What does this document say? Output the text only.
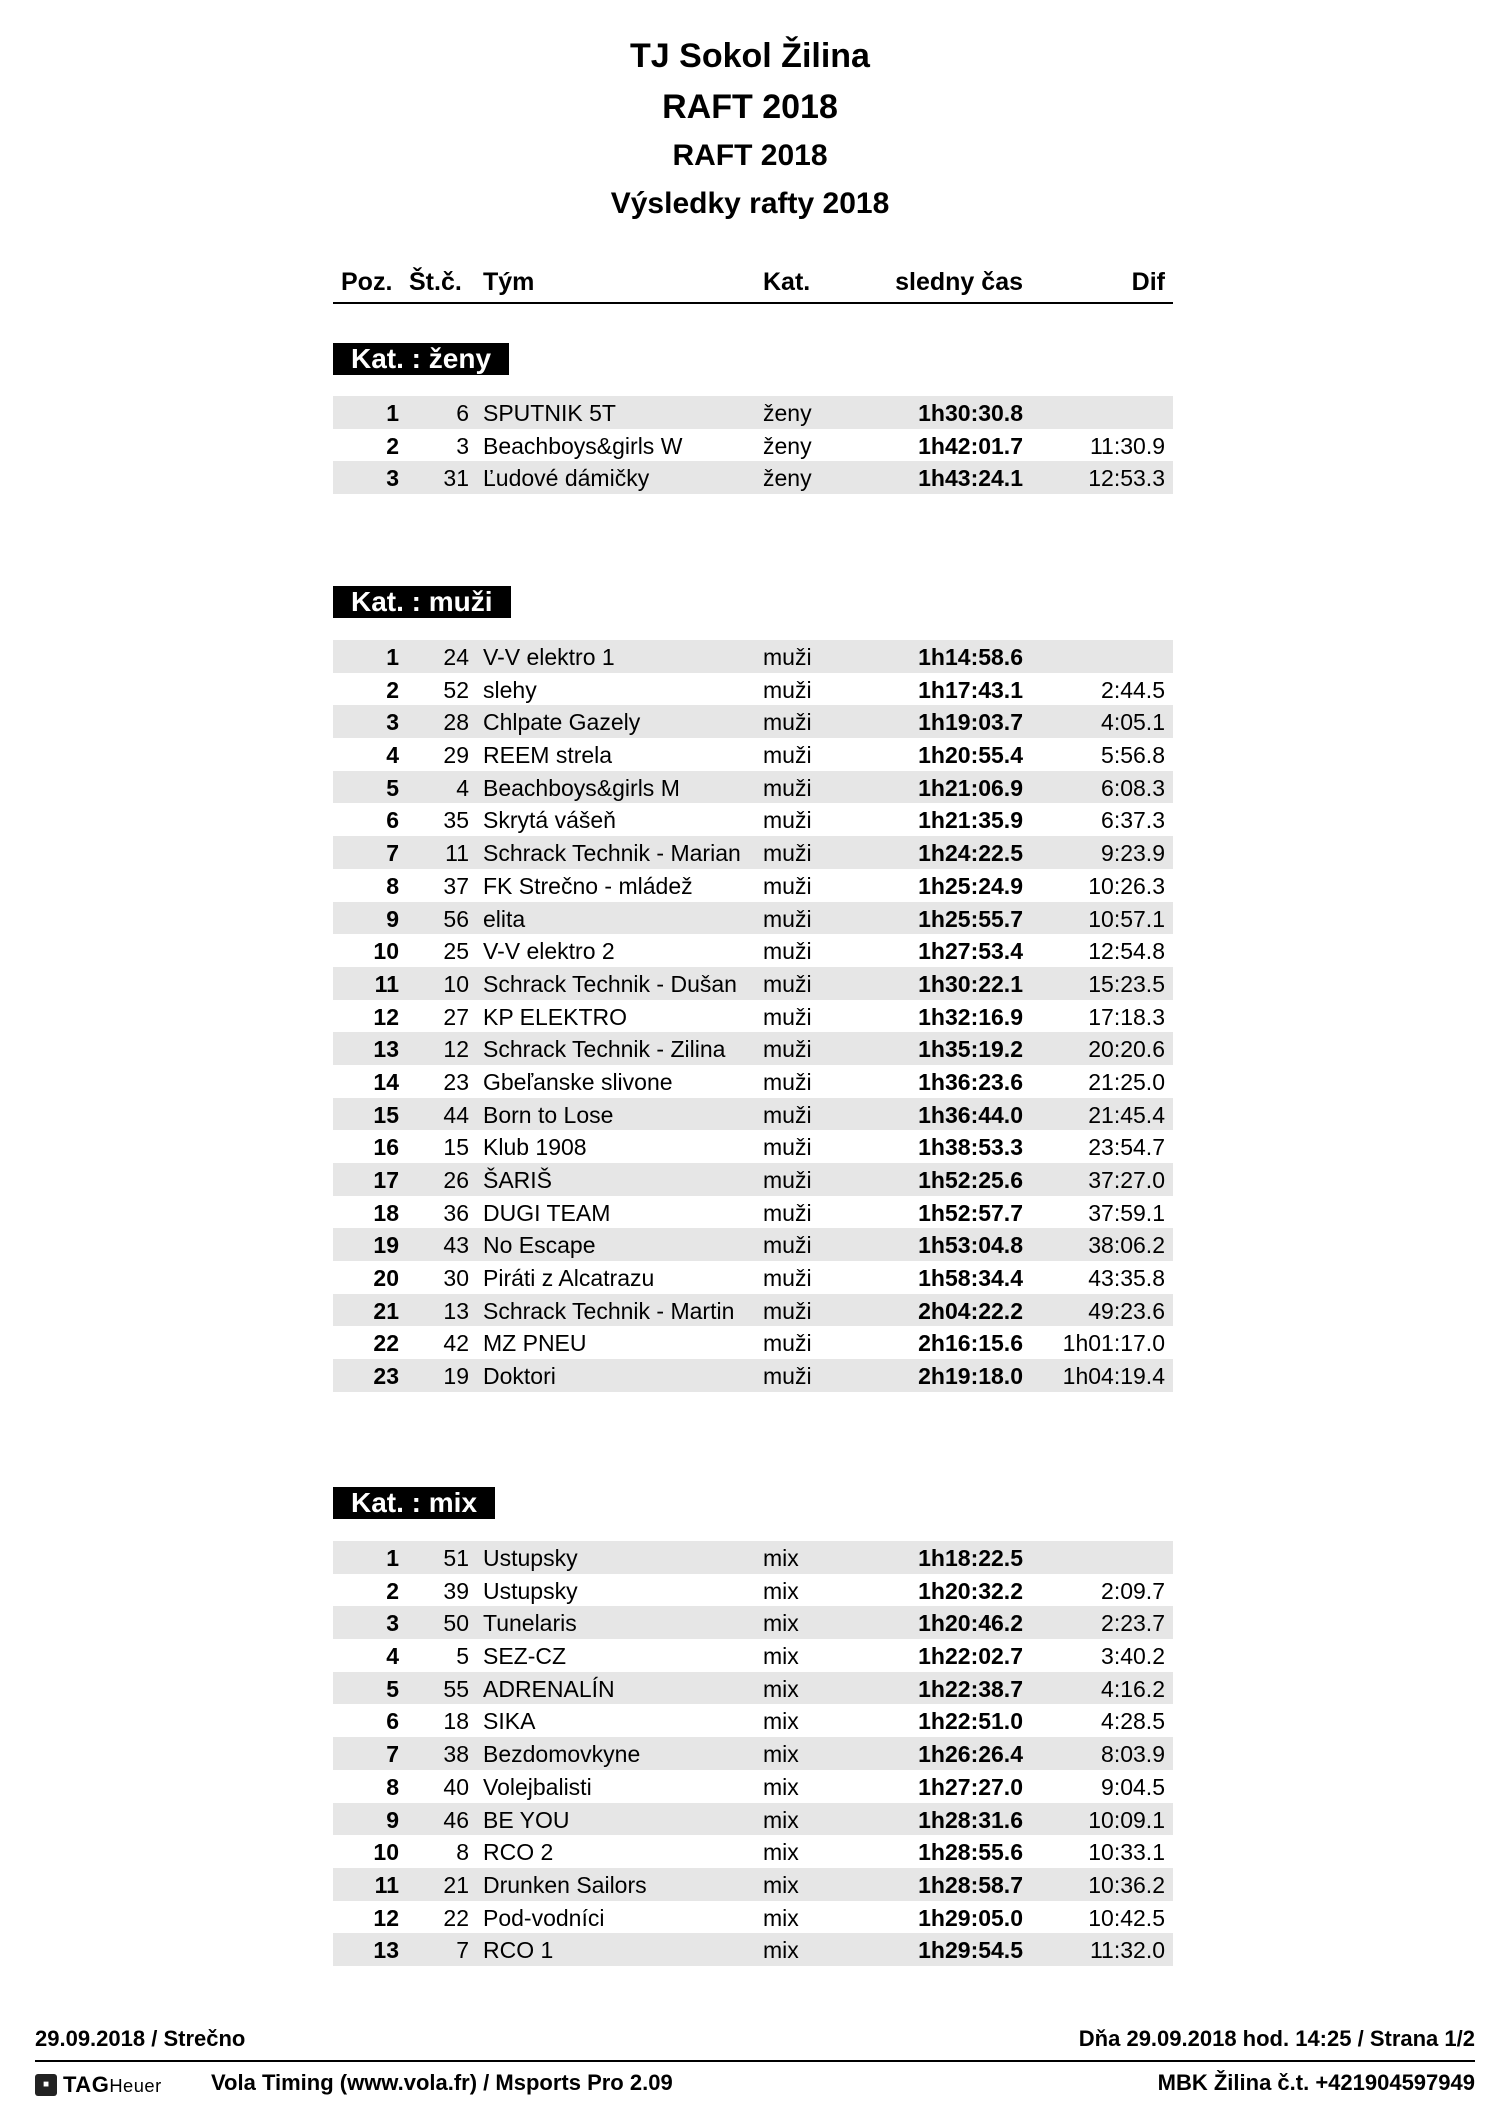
TJ Sokol Žilina
RAFT 2018
RAFT 2018
Výsledky rafty 2018
Poz. Št.č. Tým	Kat.	sledny čas	Dif
Kat. : ženy
1	6 SPUTNIK 5T	ženy	1h30:30.8
2	3 Beachboys&girls W	ženy	1h42:01.7	11:30.9
3	31 Ľudové dámičky	ženy	1h43:24.1	12:53.3
Kat. : muži
1	24 V-V elektro 1	muži	1h14:58.6
2	52 slehy	muži	1h17:43.1	2:44.5
3	28 Chlpate Gazely	muži	1h19:03.7	4:05.1
4	29 REEM strela	muži	1h20:55.4	5:56.8
5	4 Beachboys&girls M	muži	1h21:06.9	6:08.3
6	35 Skrytá vášeň	muži	1h21:35.9	6:37.3
7	11 Schrack Technik - Marian muži	1h24:22.5	9:23.9
8	37 FK Strečno - mládež	muži	1h25:24.9	10:26.3
9	56 elita	muži	1h25:55.7	10:57.1
10	25 V-V elektro 2	muži	1h27:53.4	12:54.8
11	10 Schrack Technik - Dušan muži	1h30:22.1	15:23.5
12	27 KP ELEKTRO	muži	1h32:16.9	17:18.3
13	12 Schrack Technik - Zilina muži	1h35:19.2	20:20.6
14	23 Gbeľanske slivone	muži	1h36:23.6	21:25.0
15	44 Born to Lose	muži	1h36:44.0	21:45.4
16	15 Klub 1908	muži	1h38:53.3	23:54.7
17	26 ŠARIŠ	muži	1h52:25.6	37:27.0
18	36 DUGI TEAM	muži	1h52:57.7	37:59.1
19	43 No Escape	muži	1h53:04.8	38:06.2
20	30 Piráti z Alcatrazu	muži	1h58:34.4	43:35.8
21	13 Schrack Technik - Martin muži	2h04:22.2	49:23.6
22	42 MZ PNEU	muži	2h16:15.6	1h01:17.0
23	19 Doktori	muži	2h19:18.0	1h04:19.4
Kat. : mix
1	51 Ustupsky	mix	1h18:22.5
2	39 Ustupsky	mix	1h20:32.2	2:09.7
3	50 Tunelaris	mix	1h20:46.2	2:23.7
4	5 SEZ-CZ	mix	1h22:02.7	3:40.2
5	55 ADRENALÍN	mix	1h22:38.7	4:16.2
6	18 SIKA	mix	1h22:51.0	4:28.5
7	38 Bezdomovkyne	mix	1h26:26.4	8:03.9
8	40 Volejbalisti	mix	1h27:27.0	9:04.5
9	46 BE YOU	mix	1h28:31.6	10:09.1
10	8 RCO 2	mix	1h28:55.6	10:33.1
11	21 Drunken Sailors	mix	1h28:58.7	10:36.2
12	22 Pod-vodníci	mix	1h29:05.0	10:42.5
13	7 RCO 1	mix	1h29:54.5	11:32.0
29.09.2018 / Strečno	Dňa 29.09.2018 hod. 14:25 / Strana 1/2
■ TAGHeuer Vola Timing (www.vola.fr) / Msports Pro 2.09	MBK Žilina č.t. +421904597949
